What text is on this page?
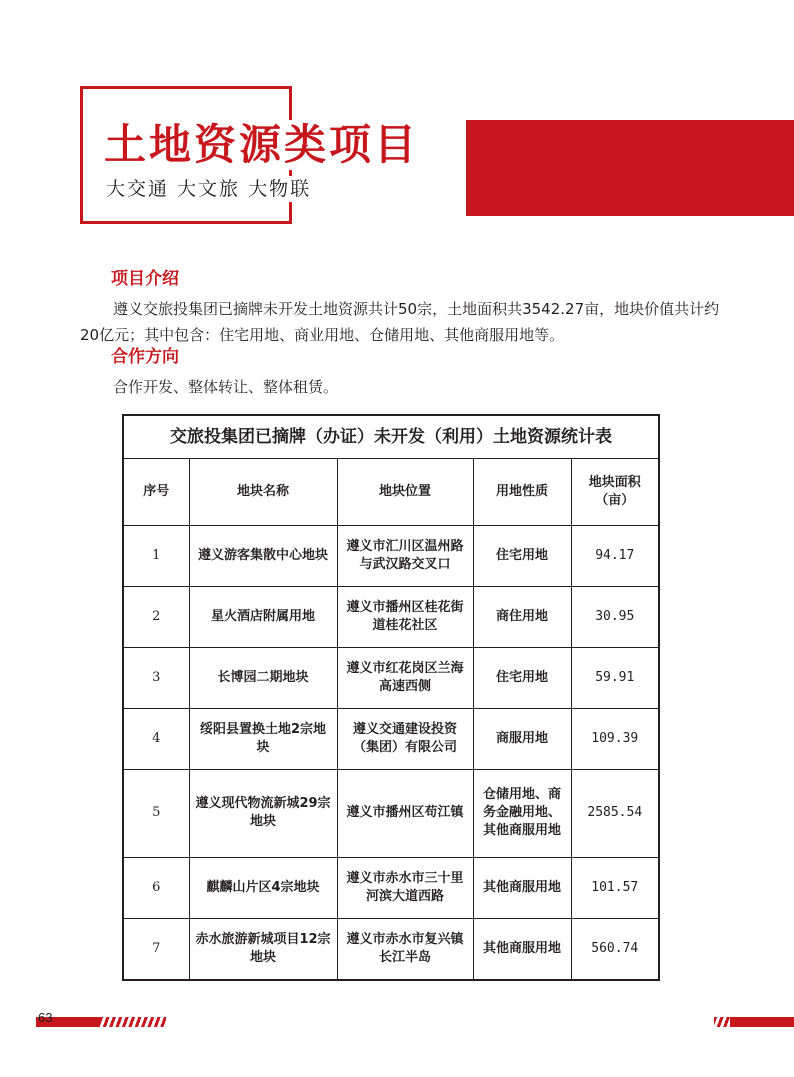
土地资源类项目
大交通 大文旅 大物联
项目介绍
遵义交旅投集团已摘牌未开发土地资源共计50宗，土地面积共3542.27亩，地块价值共计约20亿元；其中包含：住宅用地、商业用地、仓储用地、其他商服用地等。
合作方向
合作开发、整体转让、整体租赁。
交旅投集团已摘牌（办证）未开发（利用）土地资源统计表				
序号	地块名称	地块位置	用地性质	地块面积（亩）
1	遵义游客集散中心地块	遵义市汇川区温州路与武汉路交叉口	住宅用地	94.17
2	星火酒店附属用地	遵义市播州区桂花街道桂花社区	商住用地	30.95
3	长博园二期地块	遵义市红花岗区兰海高速西侧	住宅用地	59.91
4	绥阳县置换土地2宗地块	遵义交通建设投资（集团）有限公司	商服用地	109.39
5	遵义现代物流新城29宗地块	遵义市播州区苟江镇	仓储用地、商务金融用地、其他商服用地	2585.54
6	麒麟山片区4宗地块	遵义市赤水市三十里河滨大道西路	其他商服用地	101.57
7	赤水旅游新城项目12宗地块	遵义市赤水市复兴镇长江半岛	其他商服用地	560.74
63
